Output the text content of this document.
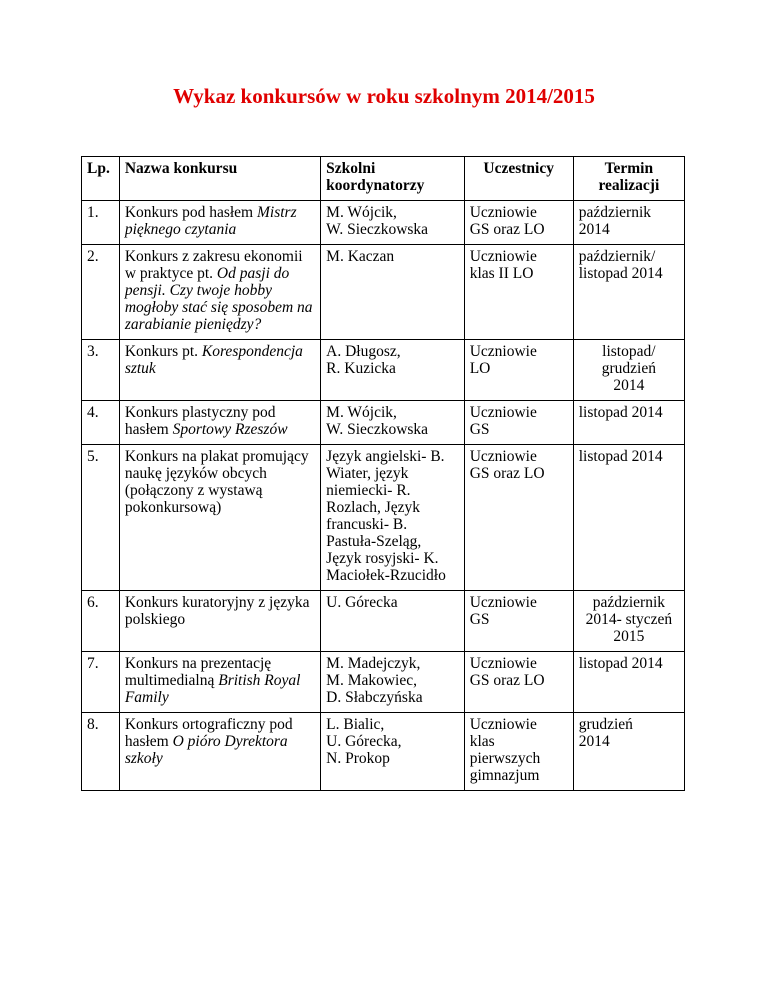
Wykaz konkursów w roku szkolnym 2014/2015
Lp.	Nazwa konkursu	Szkolni
koordynatorzy	Uczestnicy	Termin
realizacji

1.	Konkurs pod hasłem Mistrz pięknego czytania	M. Wójcik,
W. Sieczkowska	Uczniowie
GS oraz LO	październik
2014

2.	Konkurs z zakresu ekonomii w praktyce pt. Od pasji do pensji. Czy twoje hobby mogłoby stać się sposobem na zarabianie pieniędzy?	M. Kaczan	Uczniowie
klas II LO	październik/
listopad 2014

3.	Konkurs pt. Korespondencja sztuk	A. Długosz,
R. Kuzicka	Uczniowie
LO	listopad/
grudzień
2014

4.	Konkurs plastyczny pod hasłem Sportowy Rzeszów	M. Wójcik,
W. Sieczkowska	Uczniowie
GS	listopad 2014

5.	Konkurs na plakat promujący naukę języków obcych (połączony z wystawą pokonkursową)	Język angielski- B. Wiater, język niemiecki- R. Rozlach, Język francuski- B. Pastuła-Szeląg, Język rosyjski- K. Maciołek-Rzucidło	Uczniowie
GS oraz LO	listopad 2014

6.	Konkurs kuratoryjny z języka polskiego	U. Górecka	Uczniowie
GS	październik
2014- styczeń
2015

7.	Konkurs na prezentację multimedialną British Royal Family	M. Madejczyk,
M. Makowiec,
D. Słabczyńska	Uczniowie
GS oraz LO	listopad 2014

8.	Konkurs ortograficzny pod hasłem O pióro Dyrektora szkoły	L. Bialic,
U. Górecka,
N. Prokop	Uczniowie
klas
pierwszych
gimnazjum	grudzień
2014
